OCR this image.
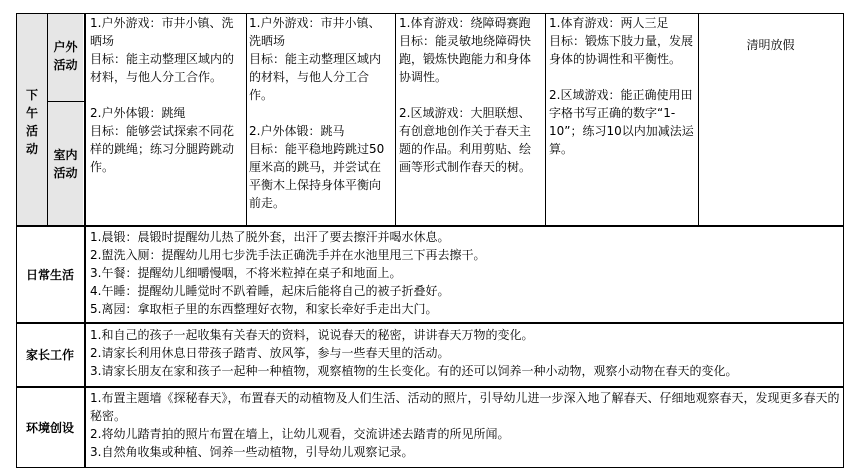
下午活动
户外活动
室内活动

1.户外游戏：市井小镇、洗晒场

目标：能主动整理区域内的材料，与他人分工合作。

2.户外体锻：跳绳

目标：能够尝试探索不同花样的跳绳；练习分腿跨跳动作。

1.户外游戏：市井小镇、洗晒场

目标：能主动整理区域内的材料，与他人分工合作。

2.户外体锻：跳马

目标：能平稳地跨跳过50厘米高的跳马，并尝试在平衡木上保持身体平衡向前走。

1.体育游戏：绕障碍赛跑

目标：能灵敏地绕障碍快跑，锻炼快跑能力和身体协调性。

2.区域游戏：大胆联想、有创意地创作关于春天主题的作品。利用剪贴、绘画等形式制作春天的树。

1.体育游戏：两人三足

目标：锻炼下肢力量，发展身体的协调性和平衡性。

2.区域游戏：能正确使用田字格书写正确的数字“1-10”；练习10以内加减法运算。

清明放假
日常生活

1.晨锻：晨锻时提醒幼儿热了脱外套，出汗了要去擦汗并喝水休息。

2.盥洗入厕：提醒幼儿用七步洗手法正确洗手并在水池里甩三下再去擦干。

3.午餐：提醒幼儿细嚼慢咽，不将米粒掉在桌子和地面上。

4.午睡：提醒幼儿睡觉时不趴着睡，起床后能将自己的被子折叠好。

5.离园：拿取柜子里的东西整理好衣物，和家长牵好手走出大门。

家长工作

1.和自己的孩子一起收集有关春天的资料，说说春天的秘密，讲讲春天万物的变化。

2.请家长利用休息日带孩子踏青、放风筝，参与一些春天里的活动。

3.请家长朋友在家和孩子一起种一种植物，观察植物的生长变化。有的还可以饲养一种小动物，观察小动物在春天的变化。

环境创设

1.布置主题墙《探秘春天》，布置春天的动植物及人们生活、活动的照片，引导幼儿进一步深入地了解春天、仔细地观察春天，发现更多春天的秘密。

2.将幼儿踏青拍的照片布置在墙上，让幼儿观看，交流讲述去踏青的所见所闻。

3.自然角收集或种植、饲养一些动植物，引导幼儿观察记录。
